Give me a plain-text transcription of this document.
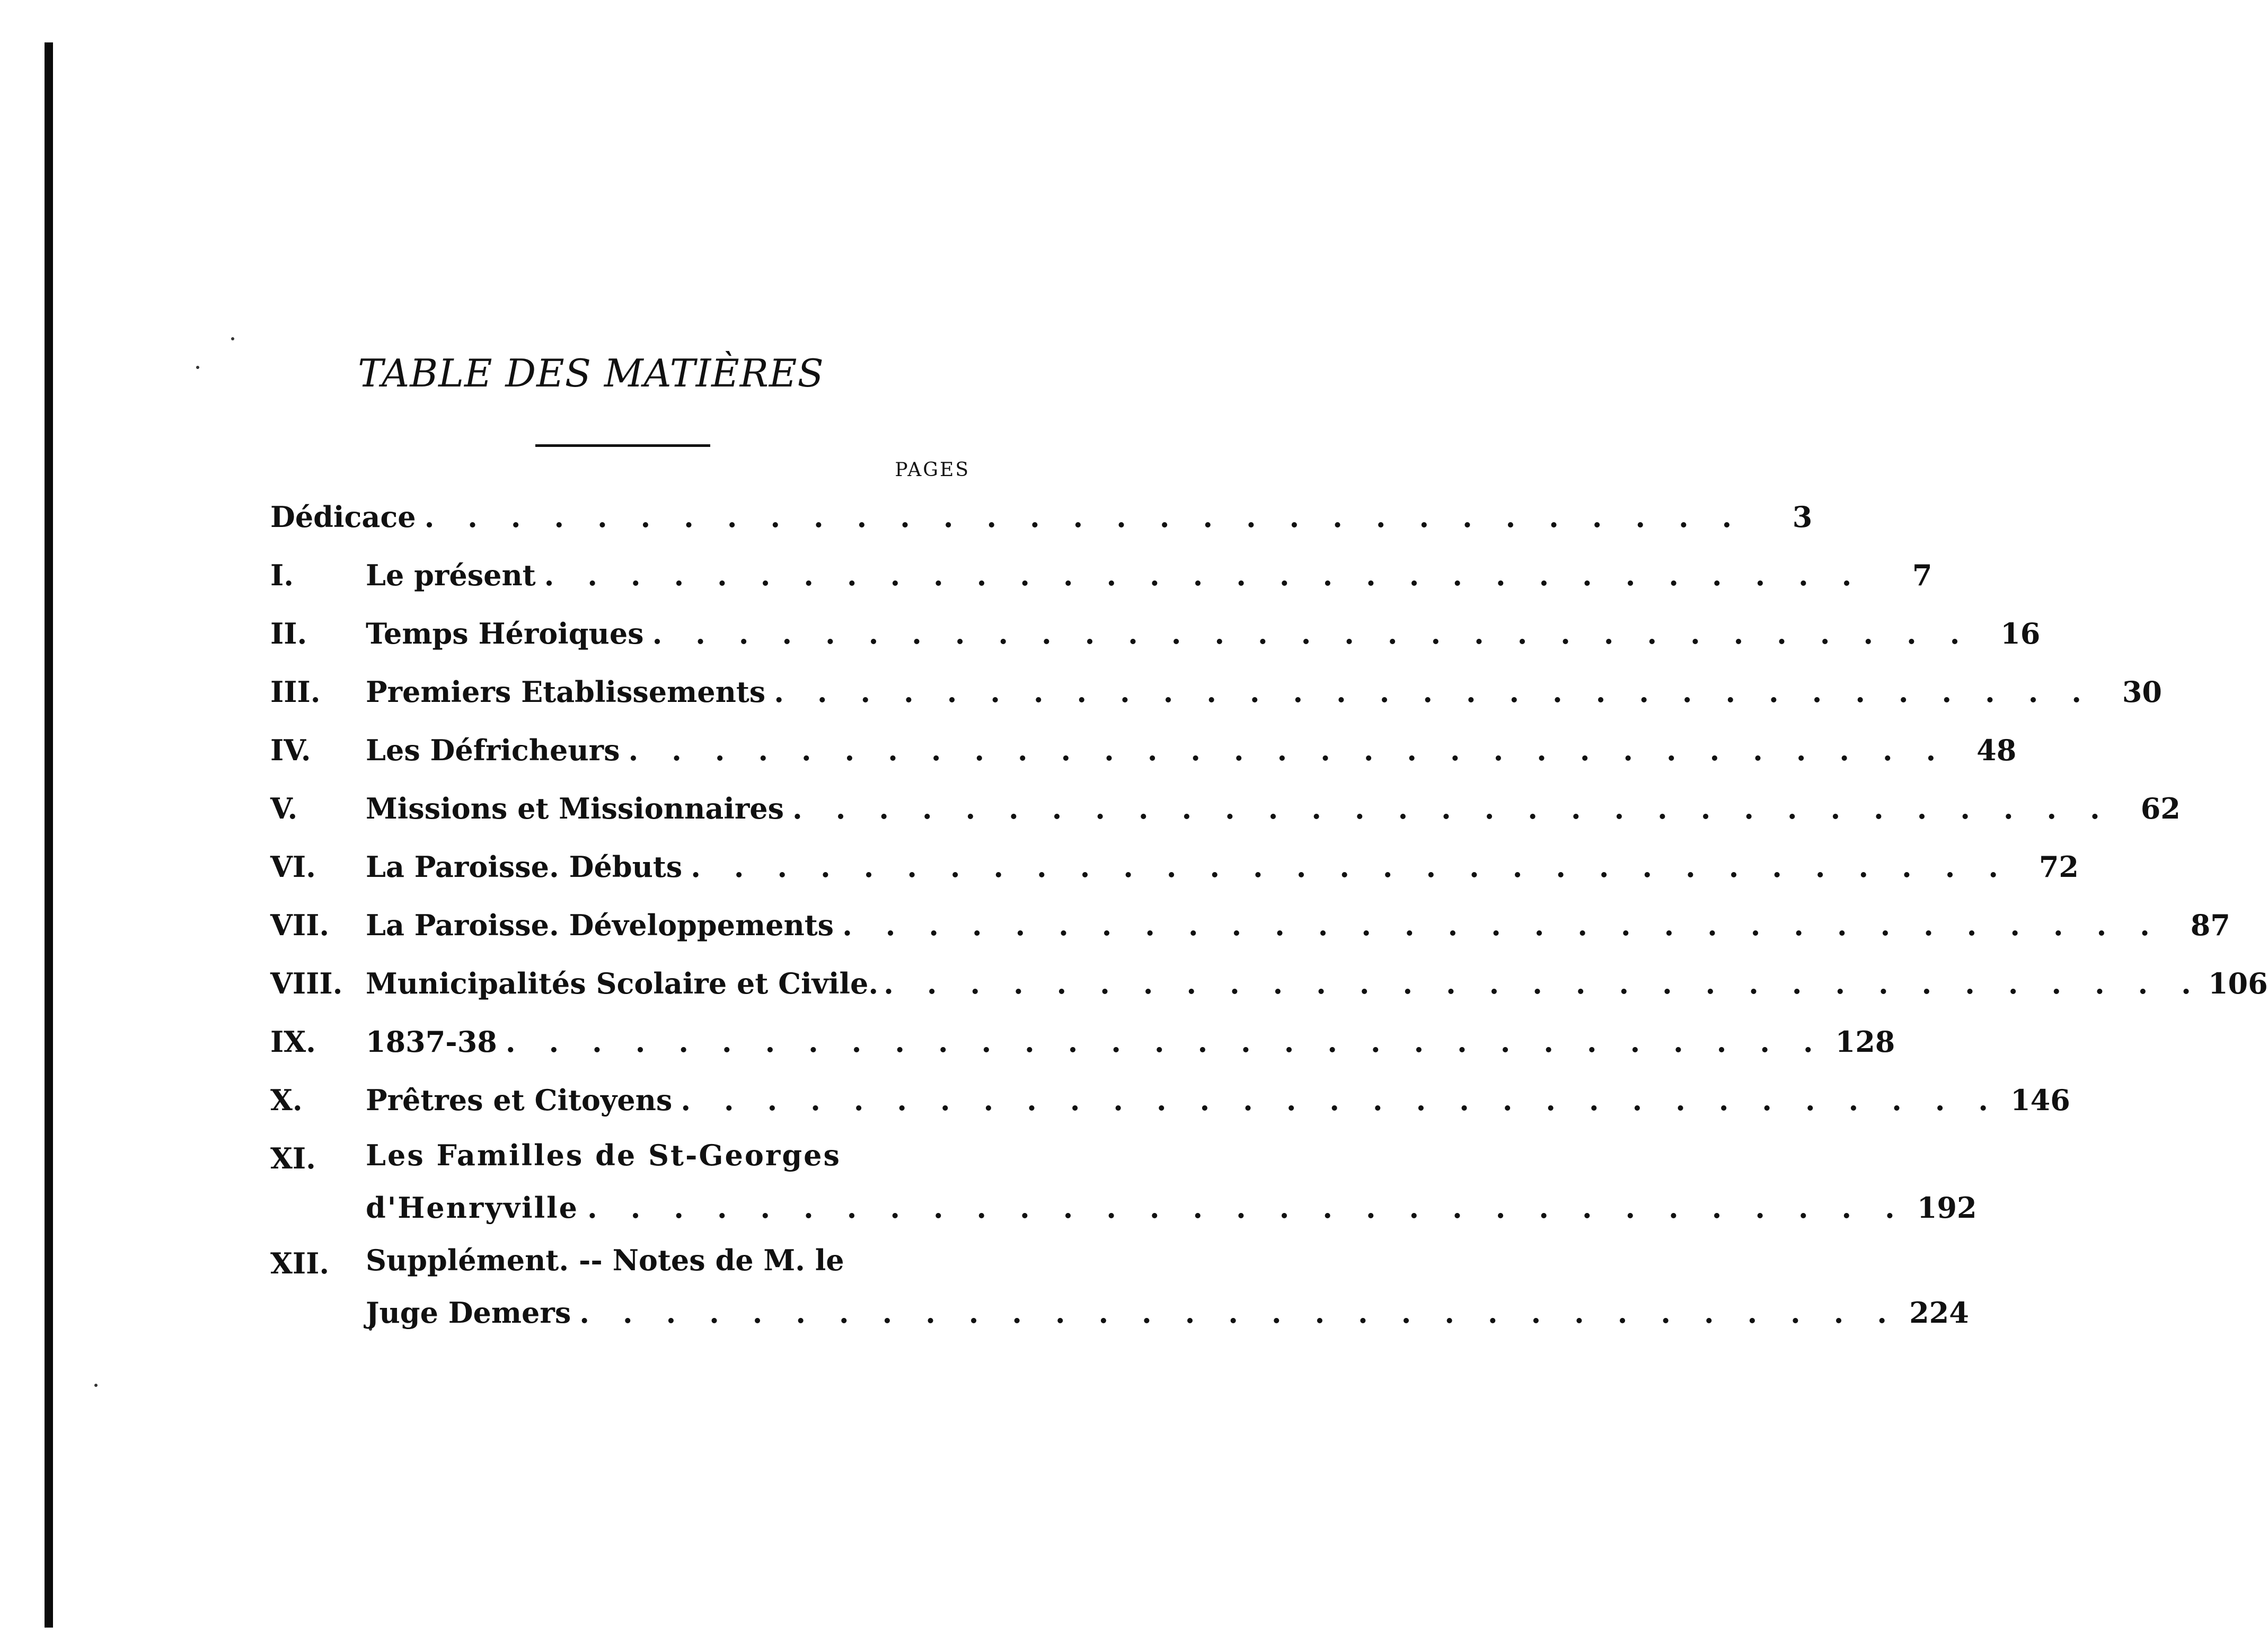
TABLE DES MATIÈRES
PAGES
Dédicace . . . . . . . . . . . . . . . . . . . . . . . . . . . . . . .	3
I.	Le présent . . . . . . . . . . . . . . . . . . . . . . . . . . . . . . .	7
II.	Temps Héroiques . . . . . . . . . . . . . . . . . . . . . . . . . . . . . . .	16
III.	Premiers Etablissements . . . . . . . . . . . . . . . . . . . . . . . . . . . . . . .	30
IV.	Les Défricheurs . . . . . . . . . . . . . . . . . . . . . . . . . . . . . . .	48
V.	Missions et Missionnaires . . . . . . . . . . . . . . . . . . . . . . . . . . . . . . .	62
VI.	La Paroisse. Débuts . . . . . . . . . . . . . . . . . . . . . . . . . . . . . . .	72
VII.	La Paroisse. Développements . . . . . . . . . . . . . . . . . . . . . . . . . . . . . . .	87
VIII. Municipalités Scolaire et Civile. . . . . . . . . . . . . . . . . . . . . . . . . . . . . . . . 106
IX.	1837-38 . . . . . . . . . . . . . . . . . . . . . . . . . . . . . . . 128
X.	Prêtres et Citoyens . . . . . . . . . . . . . . . . . . . . . . . . . . . . . . . 146
XI.	Les Familles de St-Georges
d'Henryville . . . . . . . . . . . . . . . . . . . . . . . . . . . . . . . 192
XII.	Supplément. -- Notes de M. le
Juge Demers . . . . . . . . . . . . . . . . . . . . . . . . . . . . . . . 224
